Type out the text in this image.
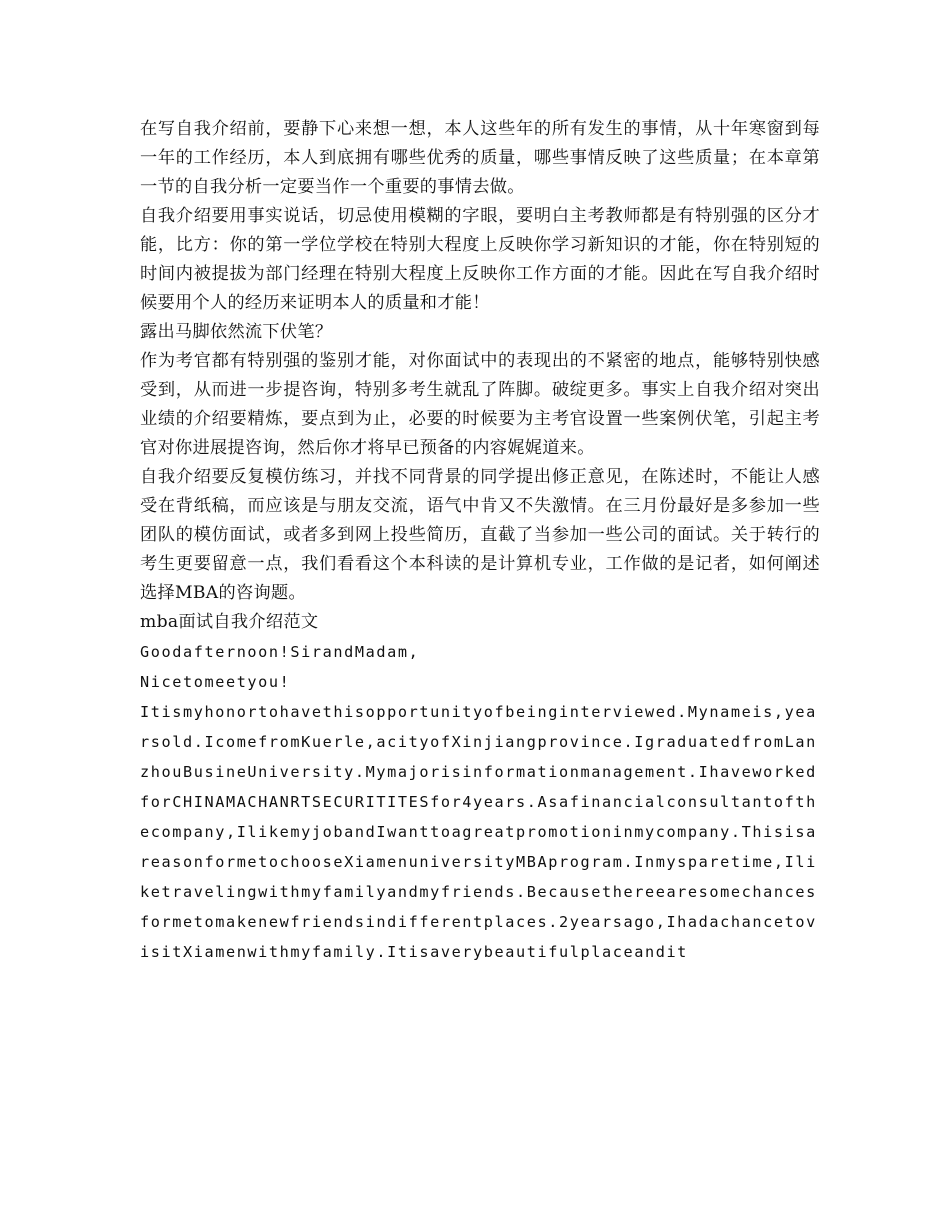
在写自我介绍前，要静下心来想一想，本人这些年的所有发生的事情，从十年寒窗到每一年的工作经历，本人到底拥有哪些优秀的质量，哪些事情反映了这些质量；在本章第一节的自我分析一定要当作一个重要的事情去做。

自我介绍要用事实说话，切忌使用模糊的字眼，要明白主考教师都是有特别强的区分才能，比方：你的第一学位学校在特别大程度上反映你学习新知识的才能，你在特别短的时间内被提拔为部门经理在特别大程度上反映你工作方面的才能。因此在写自我介绍时候要用个人的经历来证明本人的质量和才能！

露出马脚依然流下伏笔？

作为考官都有特别强的鉴别才能，对你面试中的表现出的不紧密的地点，能够特别快感受到，从而进一步提咨询，特别多考生就乱了阵脚。破绽更多。事实上自我介绍对突出业绩的介绍要精炼，要点到为止，必要的时候要为主考官设置一些案例伏笔，引起主考官对你进展提咨询，然后你才将早已预备的内容娓娓道来。

自我介绍要反复模仿练习，并找不同背景的同学提出修正意见，在陈述时，不能让人感受在背纸稿，而应该是与朋友交流，语气中肯又不失激情。在三月份最好是多参加一些团队的模仿面试，或者多到网上投些简历，直截了当参加一些公司的面试。关于转行的考生更要留意一点，我们看看这个本科读的是计算机专业，工作做的是记者，如何阐述选择MBA的咨询题。

mba面试自我介绍范文

Goodafternoon!SirandMadam,

Nicetomeetyou!

Itismyhonortohavethisopportunityofbeinginterviewed.Mynameis,yearsold.IcomefromKuerle,acityofXinjiangprovince.IgraduatedfromLanzhouBusineUniversity.Mymajorisinformationmanagement.IhaveworkedforCHINAMACHANRTSECURITITESfor4years.Asafinancialconsultantofthecompany,IlikemyjobandIwanttoagreatpromotioninmycompany.ThisisareasonformetochooseXiamenuniversityMBAprogram.Inmysparetime,Iliketravelingwithmyfamilyandmyfriends.Becausethereearesomechancesformetomakenewfriendsindifferentplaces.2yearsago,IhadachancetovisitXiamenwithmyfamily.Itisaverybeautifulplaceandit
